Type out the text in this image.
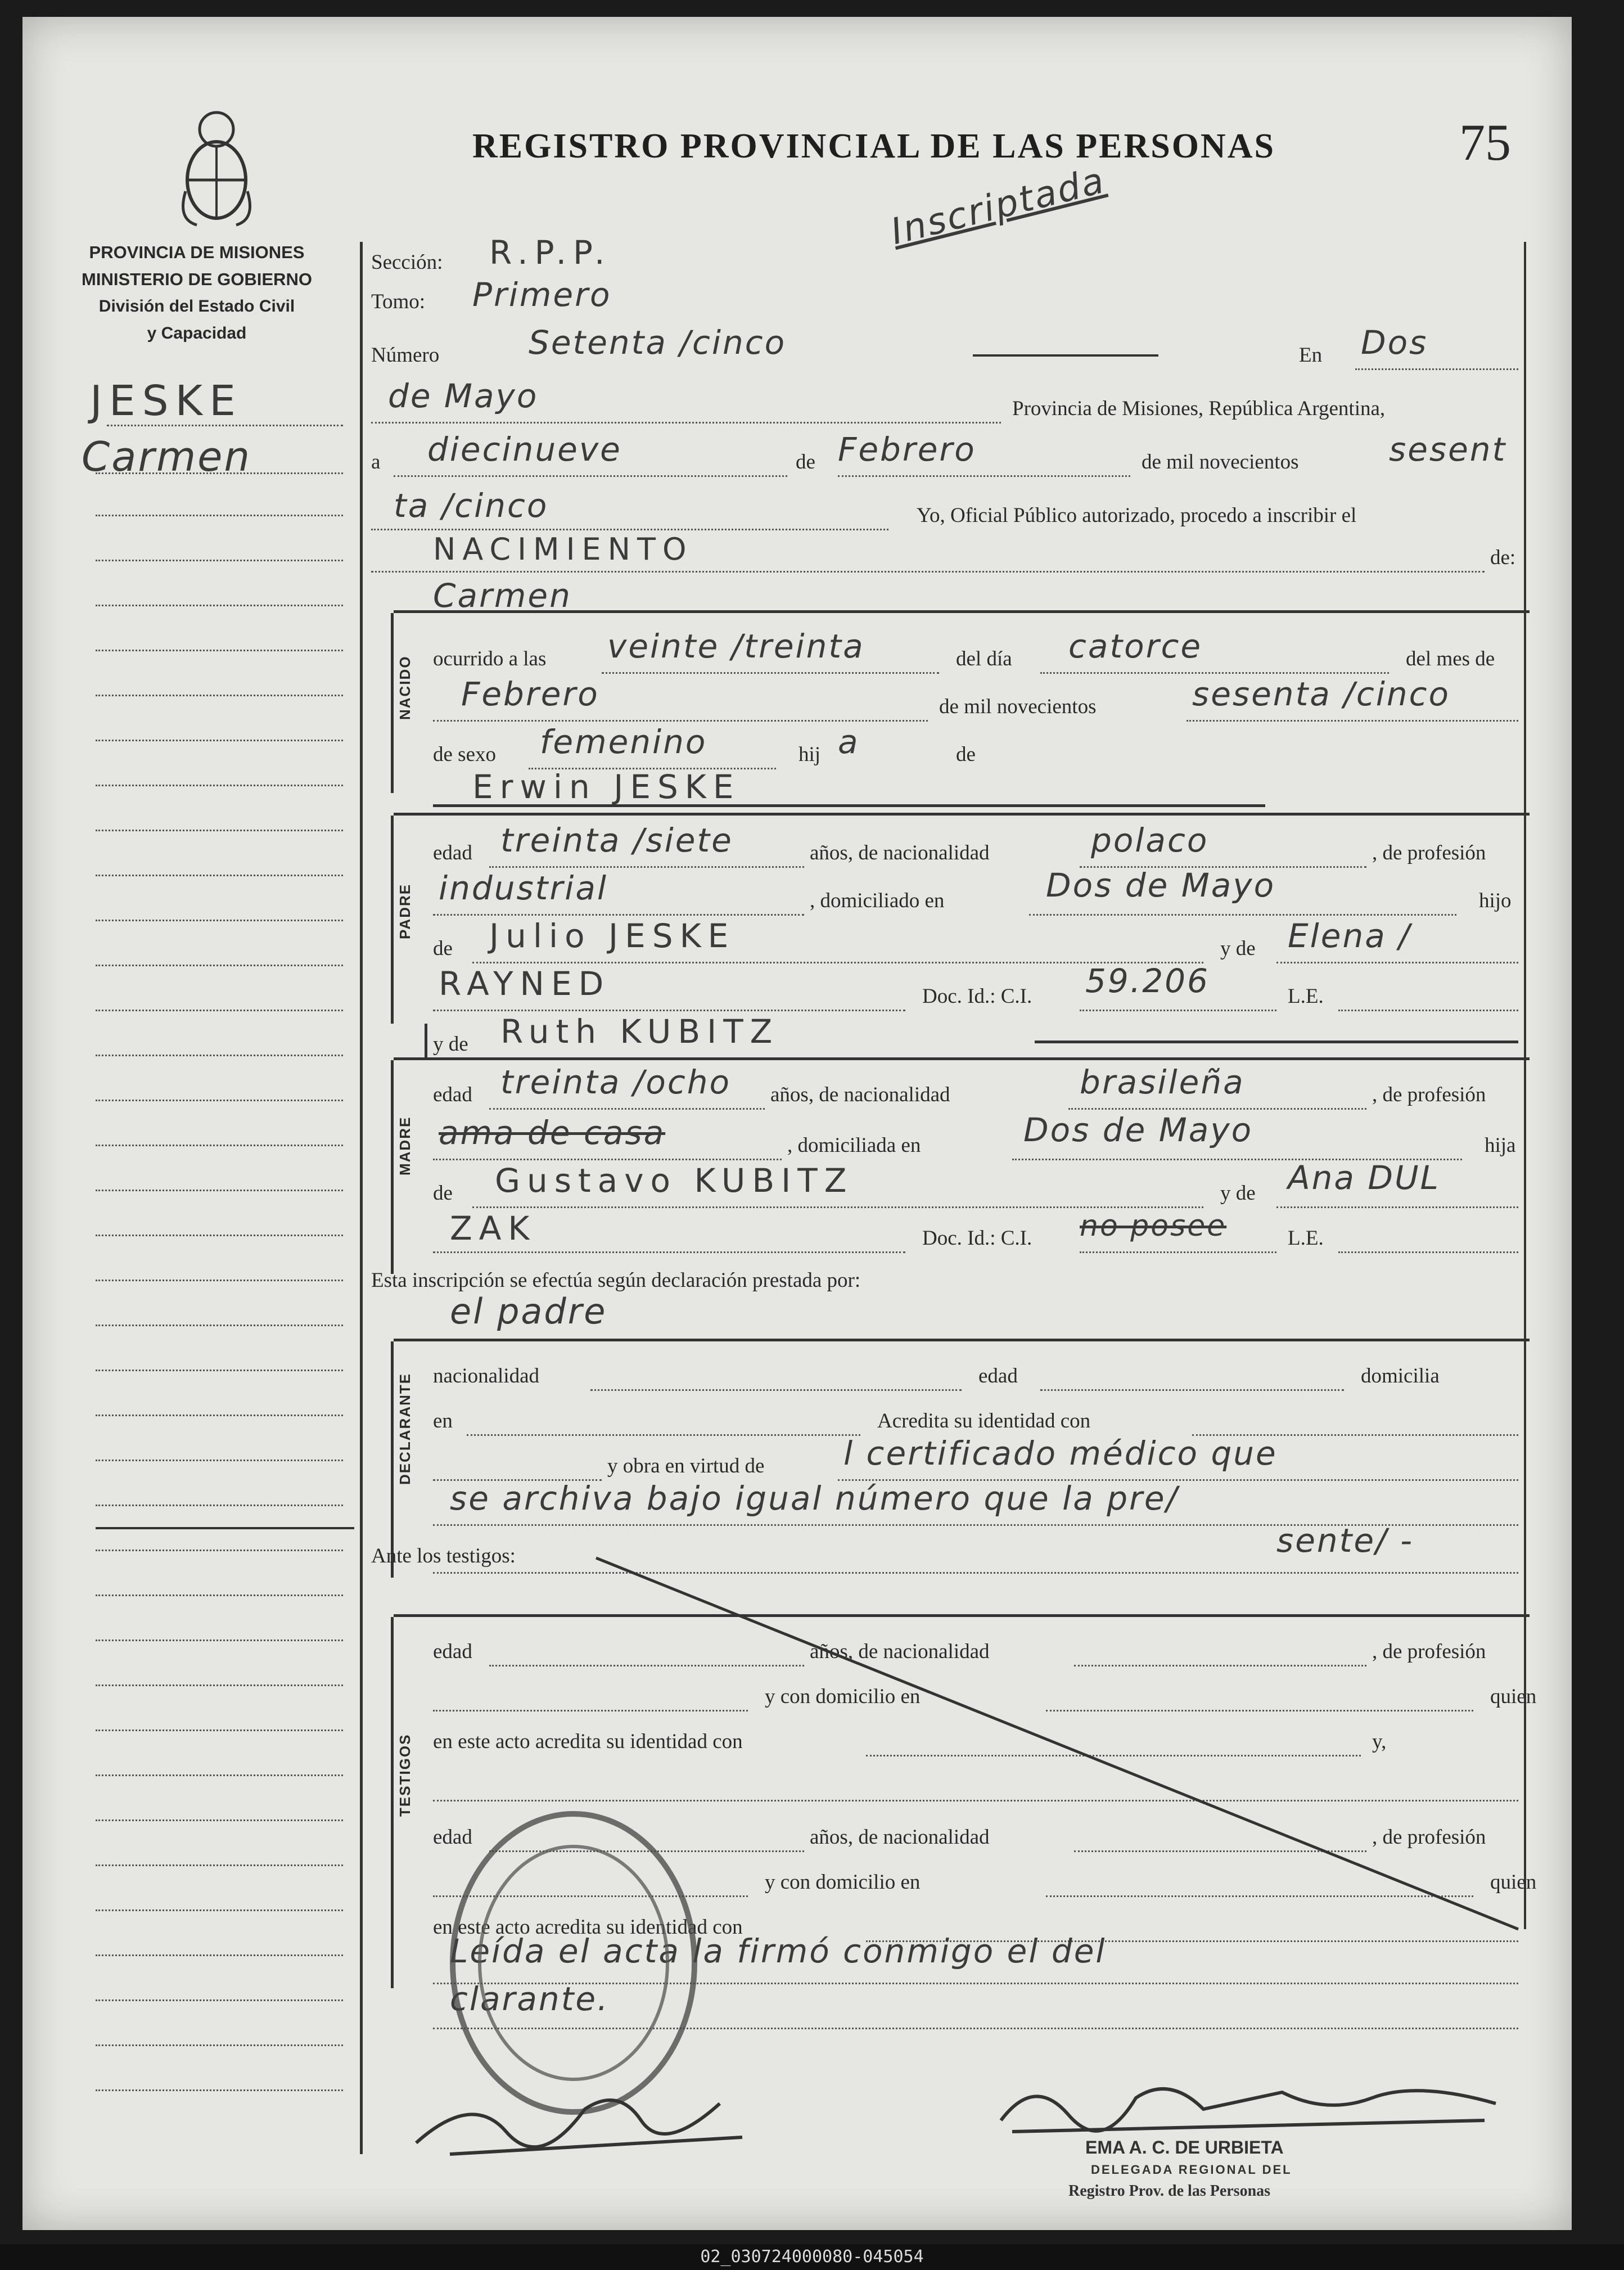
REGISTRO PROVINCIAL DE LAS PERSONAS	75
Inscriptada
PROVINCIA DE MISIONES
MINISTERIO DE GOBIERNO
División del Estado Civil
y Capacidad
JESKE
Carmen
Sección: R.P.P.
Tomo: Primero
Número	Setenta /cinco	En Dos
de Mayo	Provincia de Misiones, República Argentina,
a diecinueve	de Febrero	de mil novecientos	sesent
ta /cinco	Yo, Oficial Público autorizado, procedo a inscribir el
NACIMIENTO	de:
Carmen
NACIDO ocurrido a las veinte /treinta	del día catorce	del mes de
Febrero	de mil novecientos	sesenta /cinco
de sexo femenino	hij a	de
Erwin JESKE
PADRE
edad treinta /siete	años, de nacionalidad	polaco	, de profesión
industrial	, domiciliado en	Dos de Mayo	hijo
de Julio JESKE	y de Elena /
RAYNED	Doc. Id.: C.I. 59.206	L.E.
y de Ruth KUBITZ
MADRE
edad treinta /ocho años, de nacionalidad	brasileña	, de profesión
ama de casa	, domiciliada en	Dos de Mayo	hija
de Gustavo KUBITZ	y de Ana DUL
ZAK	Doc. Id.: C.I. no posee	L.E.
Esta inscripción se efectúa según declaración prestada por:
el padre
DECLARANTE nacionalidad	edad	domicilia
en	Acredita su identidad con
y obra en virtud de l certificado médico que
se archiva bajo igual número que la pre/
sente/ -
Ante los testigos:
TESTIGOS
edad	años, de nacionalidad	, de profesión
y con domicilio en	quien
en este acto acredita su identidad con	y,
edad	años, de nacionalidad	, de profesión
y con domicilio en	quien
en este acto acredita su identidad con
Leída el acta la firmó conmigo el del
clarante.
EMA A. C. DE URBIETA
DELEGADA REGIONAL DEL
Registro Prov. de las Personas
02_030724000080-045054
